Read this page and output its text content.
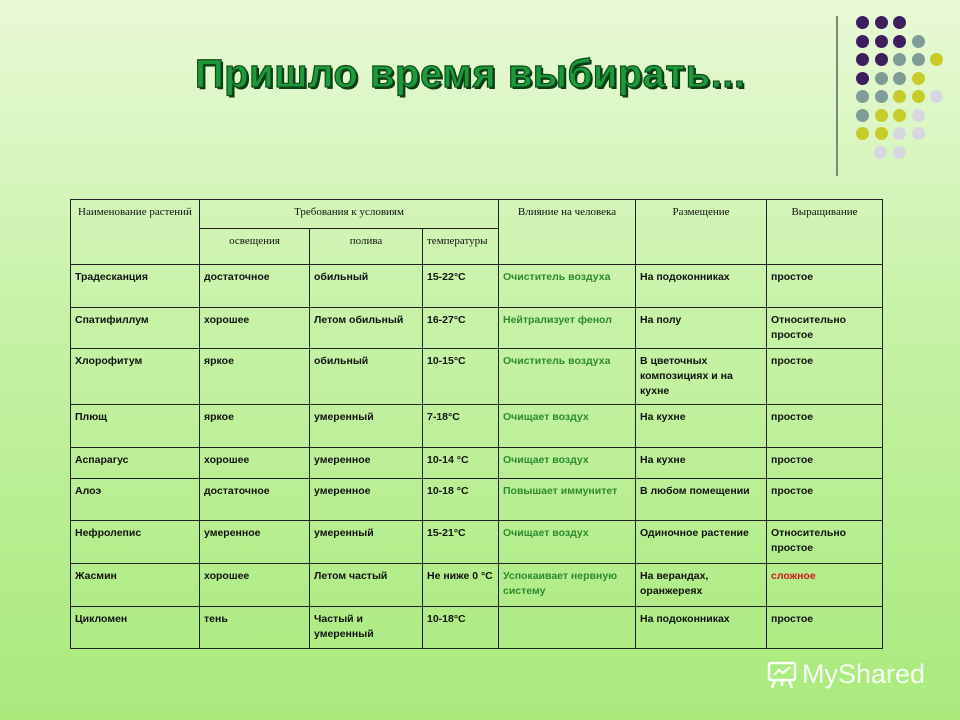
Пришло время выбирать...
Наименование растений	Требования к условиям			Влияние на человека	Размещение	Выращивание
	освещения	полива	температуры			
Традесканция	достаточное	обильный	15-22°С	Очиститель воздуха	На подоконниках	простое
Спатифиллум	хорошее	Летом обильный	16-27°С	Нейтрализует фенол	На полу	Относительно простое
Хлорофитум	яркое	обильный	10-15°С	Очиститель воздуха	В цветочных композициях и на кухне	простое
Плющ	яркое	умеренный	7-18°С	Очищает воздух	На кухне	простое
Аспарагус	хорошее	умеренное	10-14 °С	Очищает воздух	На кухне	простое
Алоэ	достаточное	умеренное	10-18 °С	Повышает иммунитет	В любом помещении	простое
Нефролепис	умеренное	умеренный	15-21°С	Очищает воздух	Одиночное растение	Относительно простое
Жасмин	хорошее	Летом частый	Не ниже 0 °С	Успокаивает нервную систему	На верандах, оранжереях	сложное
Цикломен	тень	Частый и умеренный	10-18°С		На подоконниках	простое
MyShared
